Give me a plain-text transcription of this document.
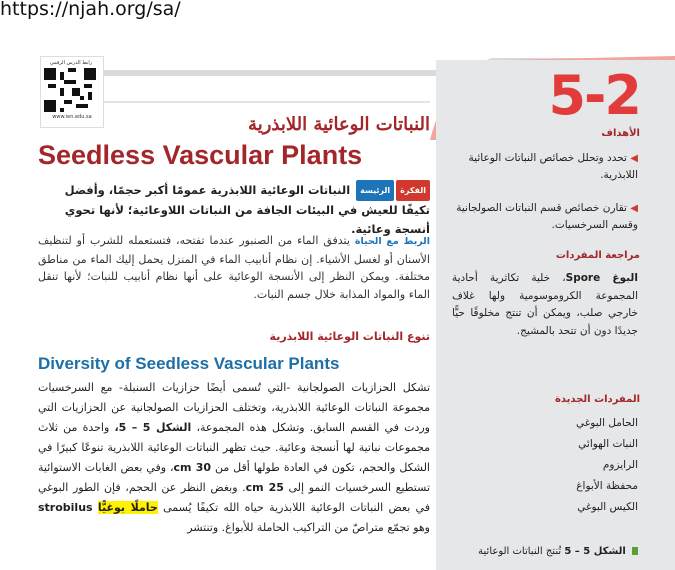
https://njah.org/sa/
رابط الدرس الرقمي
www.ien.edu.sa	5-2
النباتات الوعائية اللابذرية
Seedless Vascular Plants
الفكرةالرئيسة النباتات الوعائية اللابذرية عمومًا أكبر حجمًا، وأفضل تكيفًا للعيش في البيئات الجافة من النباتات اللاوعائية؛ لأنها تحوي أنسجة وعائية.
الربط مع الحياة يتدفق الماء من الصنبور عندما تفتحه، فتستعمله للشرب أو لتنظيف الأسنان أو لغسل الأشياء. إن نظام أنابيب الماء في المنزل يحمل إليك الماء من مناطق مختلفة. ويمكن النظر إلى الأنسجة الوعائية على أنها نظام أنابيب للنبات؛ لأنها تنقل الماء والمواد المذابة خلال جسم النبات.
تنوع النباتات الوعائية اللابذرية
Diversity of Seedless Vascular Plants
تشكل الحزازيات الصولجانية -التي تُسمى أيضًا حزازيات السنبلة- مع السرخسيات مجموعة النباتات الوعائية اللابذرية، وتختلف الحزازيات الصولجانية عن الحزازيات التي وردت في القسم السابق. وتشكل هذه المجموعة، الشكل 5 – 5، واحدة من ثلاث مجموعات نباتية لها أنسجة وعائية. حيث تظهر النباتات الوعائية اللابذرية تنوعًا كبيرًا في الشكل والحجم، تكون في العادة طولها أقل من 30 cm، وفي بعض الغابات الاستوائية تستطيع السرخسيات النمو إلى 25 cm. وبغض النظر عن الحجم، فإن الطور البوغي في بعض النباتات الوعائية اللابذرية حياه الله تكيفًا يُسمى حاملًا بوغيًّا strobilus وهو تجمّع متراصّ من التراكيب الحاملة للأبواغ. وتنتشر
الأهداف
◀ تحدد وتحلل خصائص النباتات الوعائية اللابذرية.
◀ تقارن خصائص قسم النباتات الصولجانية وقسم السرخسيات.
مراجعة المفردات
البوغ Spore، خلية تكاثرية أحادية المجموعة الكروموسومية ولها غلاف خارجي صلب، ويمكن أن تنتج مخلوقًا حيًّا جديدًا دون أن تتحد بالمشيج.
المفردات الجديدة
الحامل البوغي
النبات الهوائي
الرايزوم
محفظة الأبواغ
الكيس البوغي
الشكل 5 – 5 تُنتج النباتات الوعائية
